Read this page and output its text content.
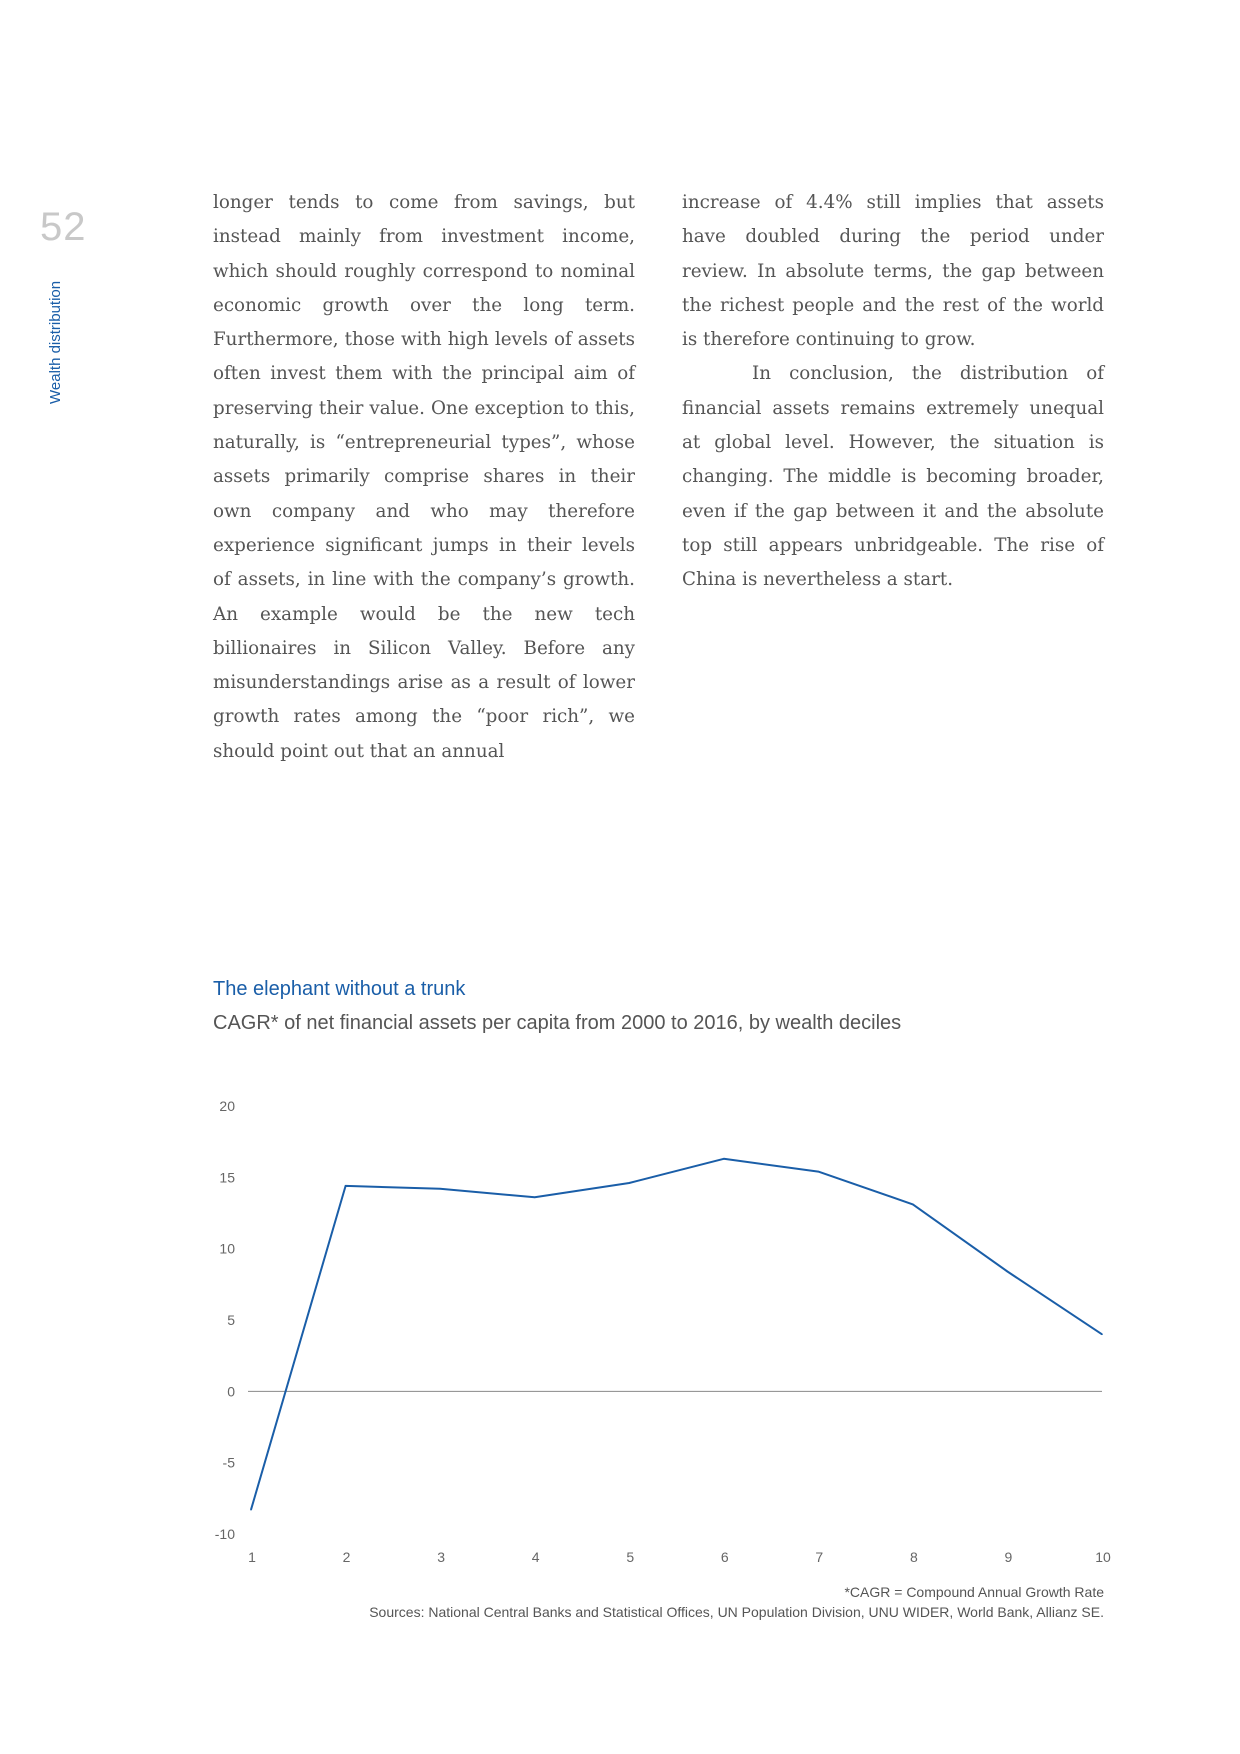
52
Wealth distribution

longer tends to come from savings, but instead mainly from investment income, which should roughly correspond to nominal economic growth over the long term. Furthermore, those with high levels of assets often invest them with the principal aim of preserving their value. One exception to this, naturally, is “entrepreneurial types”, whose assets primarily comprise shares in their own company and who may therefore experience significant jumps in their levels of assets, in line with the company’s growth. An example would be the new tech billionaires in Silicon Valley. Before any misunderstandings arise as a result of lower growth rates among the “poor rich”, we should point out that an annual

increase of 4.4% still implies that assets have doubled during the period under review. In absolute terms, the gap between the richest people and the rest of the world is therefore continuing to grow.

In conclusion, the distribution of financial assets remains extremely unequal at global level. However, the situation is changing. The middle is becoming broader, even if the gap between it and the absolute top still appears unbridgeable. The rise of China is nevertheless a start.

The elephant without a trunk
CAGR* of net financial assets per capita from 2000 to 2016, by wealth deciles
20
15
10
5
0
-5
-10
1	2	3	4	5	6	7	8	9	10
*CAGR = Compound Annual Growth Rate
Sources: National Central Banks and Statistical Offices, UN Population Division, UNU WIDER, World Bank, Allianz SE.
